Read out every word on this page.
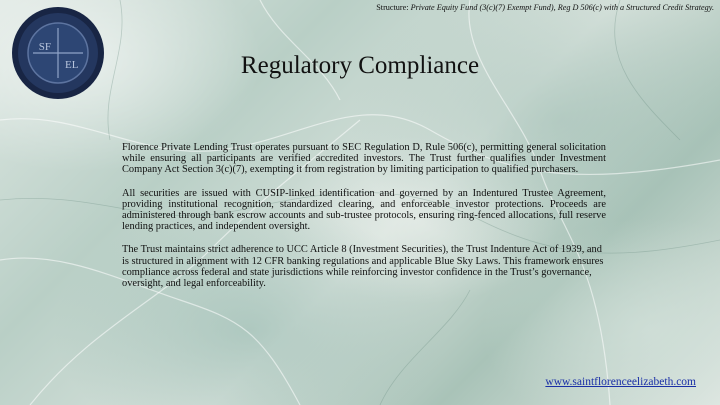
Structure: Private Equity Fund (3(c)(7) Exempt Fund), Reg D 506(c) with a Structured Credit Strategy.
SF
EL	Regulatory Compliance

Florence Private Lending Trust operates pursuant to SEC Regulation D, Rule 506(c), permitting general solicitation while ensuring all participants are verified accredited investors. The Trust further qualifies under Investment Company Act Section 3(c)(7), exempting it from registration by limiting participation to qualified purchasers.

All securities are issued with CUSIP-linked identification and governed by an Indentured Trustee Agreement, providing institutional recognition, standardized clearing, and enforceable investor protections. Proceeds are administered through bank escrow accounts and sub-trustee protocols, ensuring ring-fenced allocations, full reserve lending practices, and independent oversight.

The Trust maintains strict adherence to UCC Article 8 (Investment Securities), the Trust Indenture Act of 1939, and is structured in alignment with 12 CFR banking regulations and applicable Blue Sky Laws. This framework ensures compliance across federal and state jurisdictions while reinforcing investor confidence in the Trust’s governance, oversight, and legal enforceability.

www.saintflorenceelizabeth.com
